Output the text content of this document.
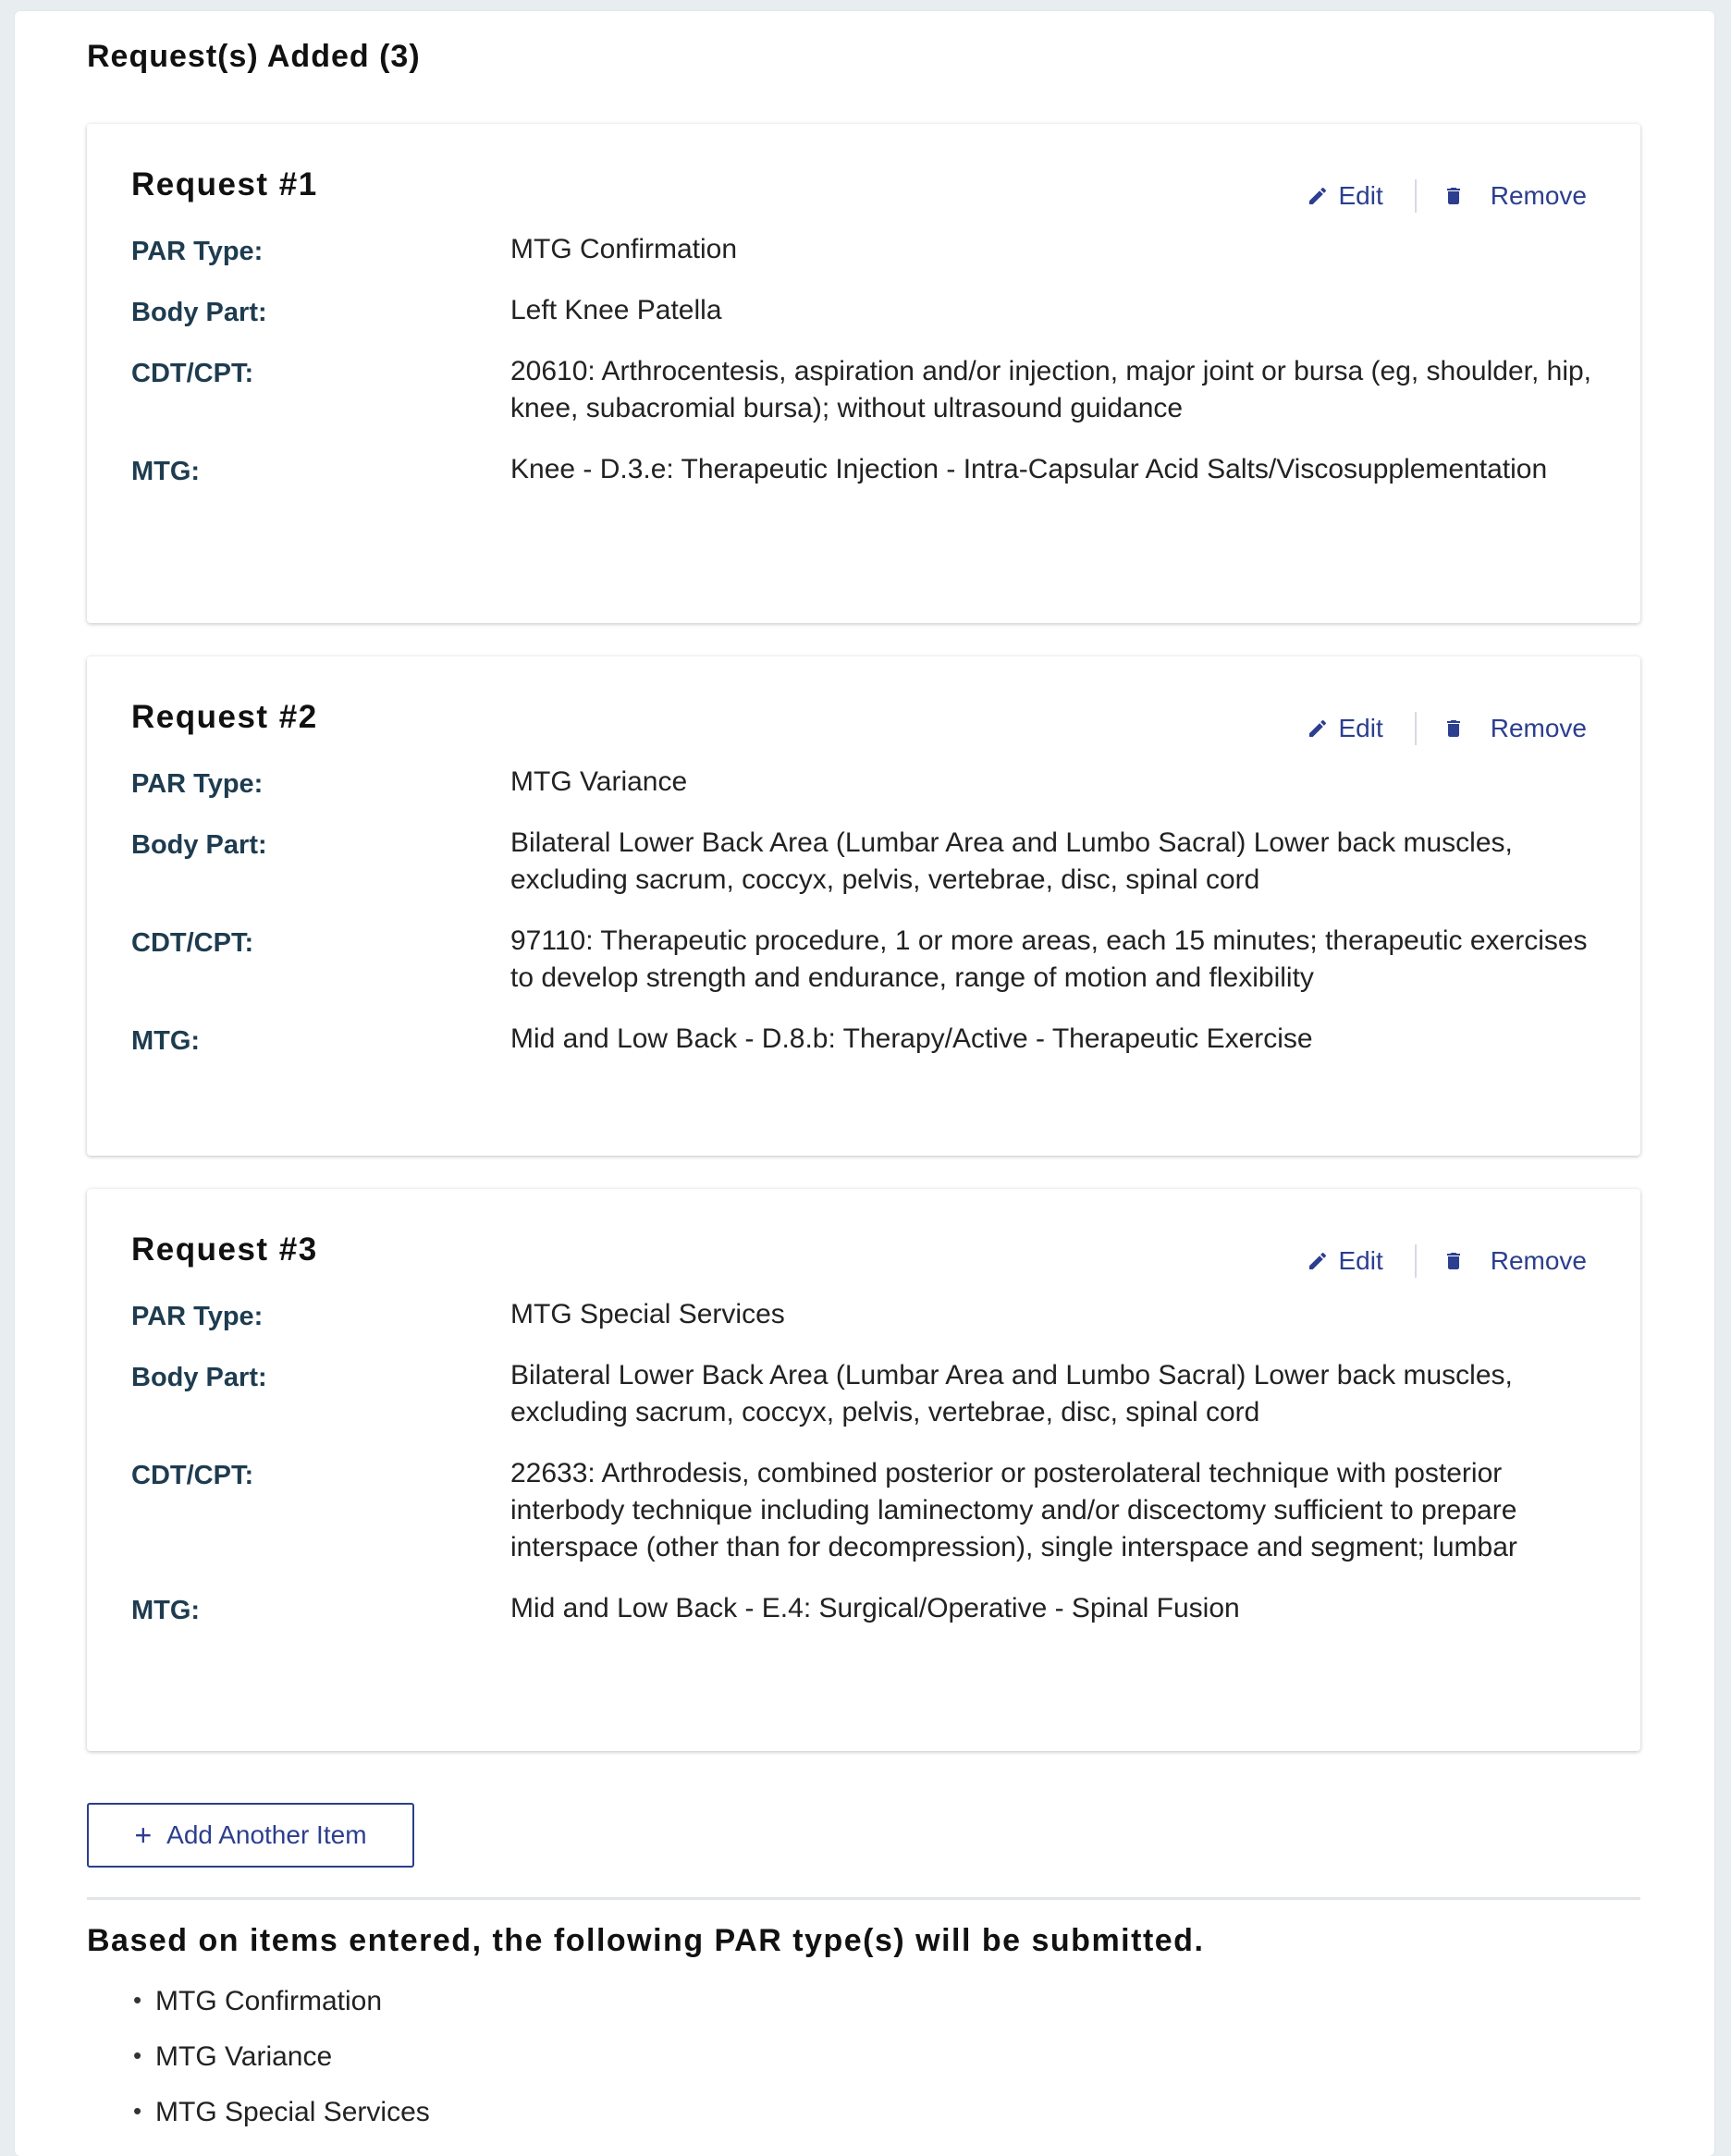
Request(s) Added (3)
Request #1	Edit	Remove
PAR Type:	MTG Confirmation
Body Part:	Left Knee Patella
CDT/CPT:	20610: Arthrocentesis, aspiration and/or injection, major joint or bursa (eg, shoulder, hip, knee, subacromial bursa); without ultrasound guidance
MTG:	Knee - D.3.e: Therapeutic Injection - Intra-Capsular Acid Salts/Viscosupplementation
Request #2	Edit	Remove
PAR Type:	MTG Variance
Body Part:	Bilateral Lower Back Area (Lumbar Area and Lumbo Sacral) Lower back muscles, excluding sacrum, coccyx, pelvis, vertebrae, disc, spinal cord
CDT/CPT:	97110: Therapeutic procedure, 1 or more areas, each 15 minutes; therapeutic exercises to develop strength and endurance, range of motion and flexibility
MTG:	Mid and Low Back - D.8.b: Therapy/Active - Therapeutic Exercise
Request #3	Edit	Remove
PAR Type:	MTG Special Services
Body Part:	Bilateral Lower Back Area (Lumbar Area and Lumbo Sacral) Lower back muscles, excluding sacrum, coccyx, pelvis, vertebrae, disc, spinal cord
CDT/CPT:	22633: Arthrodesis, combined posterior or posterolateral technique with posterior interbody technique including laminectomy and/or discectomy sufficient to prepare interspace (other than for decompression), single interspace and segment; lumbar
MTG:	Mid and Low Back - E.4: Surgical/Operative - Spinal Fusion
+ Add Another Item
Based on items entered, the following PAR type(s) will be submitted.
• MTG Confirmation
• MTG Variance
• MTG Special Services
